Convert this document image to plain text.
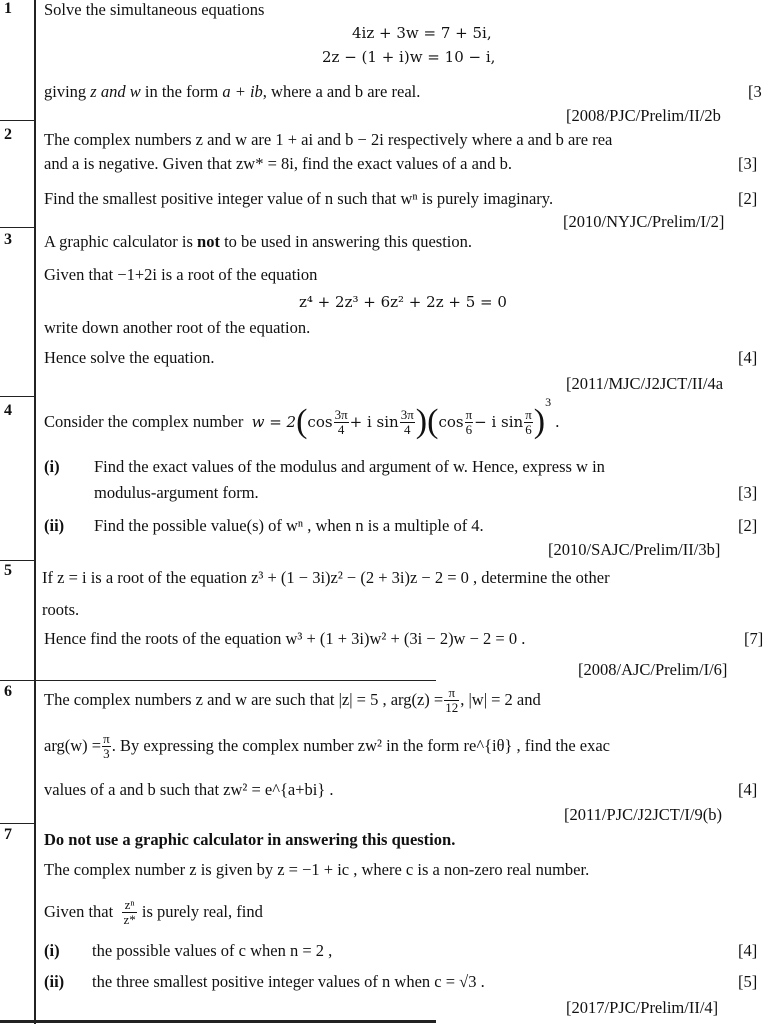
1 Solve the simultaneous equations
4iz + 3w = 7 + 5i,
2z − (1 + i)w = 10 − i,
giving z and w in the form a + ib, where a and b are real.	[3
[2008/PJC/Prelim/II/2b
2 The complex numbers z and w are 1 + ai and b − 2i respectively where a and b are rea
and a is negative. Given that zw* = 8i, find the exact values of a and b.	[3]
Find the smallest positive integer value of n such that wⁿ is purely imaginary.	[2]
[2010/NYJC/Prelim/I/2]
3 A graphic calculator is not to be used in answering this question.
Given that −1+2i is a root of the equation
z⁴ + 2z³ + 6z² + 2z + 5 = 0
write down another root of the equation.
Hence solve the equation.	[4]
[2011/MJC/J2JCT/II/4a
4
Consider the complex number
w = 2 ( $\cos \frac{3\pi}{4} + i$ $\sin \frac{3\pi}{4}$ )( $\cos \frac{\pi}{6} - i$ $\sin \frac{\pi}{6}$ )
$^3$
.
(i) Find the exact values of the modulus and argument of w. Hence, express w in
modulus-argument form.	[3]
(ii) Find the possible value(s) of wⁿ , when n is a multiple of 4.	[2]
[2010/SAJC/Prelim/II/3b]
5 If z = i is a root of the equation z³ + (1 − 3i)z² − (2 + 3i)z − 2 = 0 , determine the other
roots.
Hence find the roots of the equation w³ + (1 + 3i)w² + (3i − 2)w − 2 = 0 .	[7]
[2008/AJC/Prelim/I/6]
6 The complex numbers z and w are such that |z| = 5 , $arg(z) = \frac{\pi}{12}$ , |w| = 2 and
$arg(w) = \frac{\pi}{3}$ . By expressing the complex number zw² in the form re^{iθ} , find the exac
values of a and b such that zw² = e^{a+bi} .	[4]
[2011/PJC/J2JCT/I/9(b)
7 Do not use a graphic calculator in answering this question.
The complex number z is given by z = −1 + ic , where c is a non-zero real number.
Given that
$\frac{\text{zⁿ}}{z*}$
is purely real, find
(i) the possible values of c when n = 2 ,	[4]
(ii) the three smallest positive integer values of n when c = √3 .	[5]
[2017/PJC/Prelim/II/4]
